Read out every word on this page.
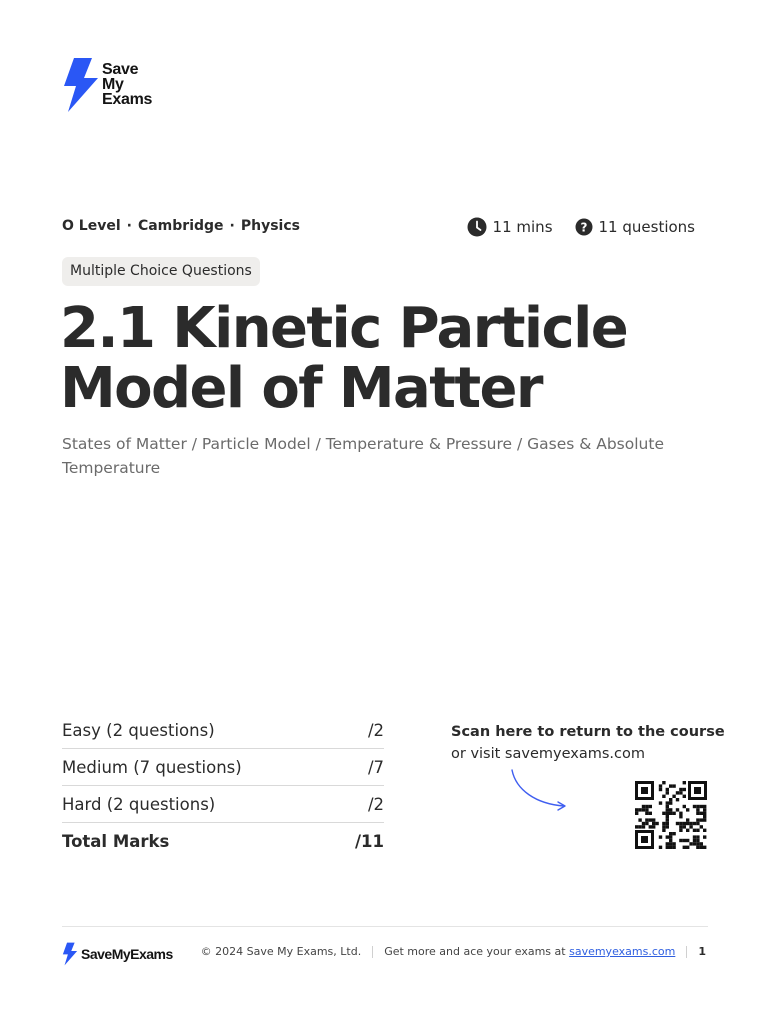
Save
My
Exams
O Level · Cambridge · Physics	11 mins ? 11 questions
Multiple Choice Questions
2.1 Kinetic Particle Model of Matter

States of Matter / Particle Model / Temperature & Pressure / Gases & Absolute Temperature

Easy (2 questions)	/2
Medium (7 questions)	/7
Hard (2 questions)	/2
Total Marks	/11
Scan here to return to the course
or visit savemyexams.com
SaveMyExams	© 2024 Save My Exams, Ltd. Get more and ace your exams at savemyexams.com 1
